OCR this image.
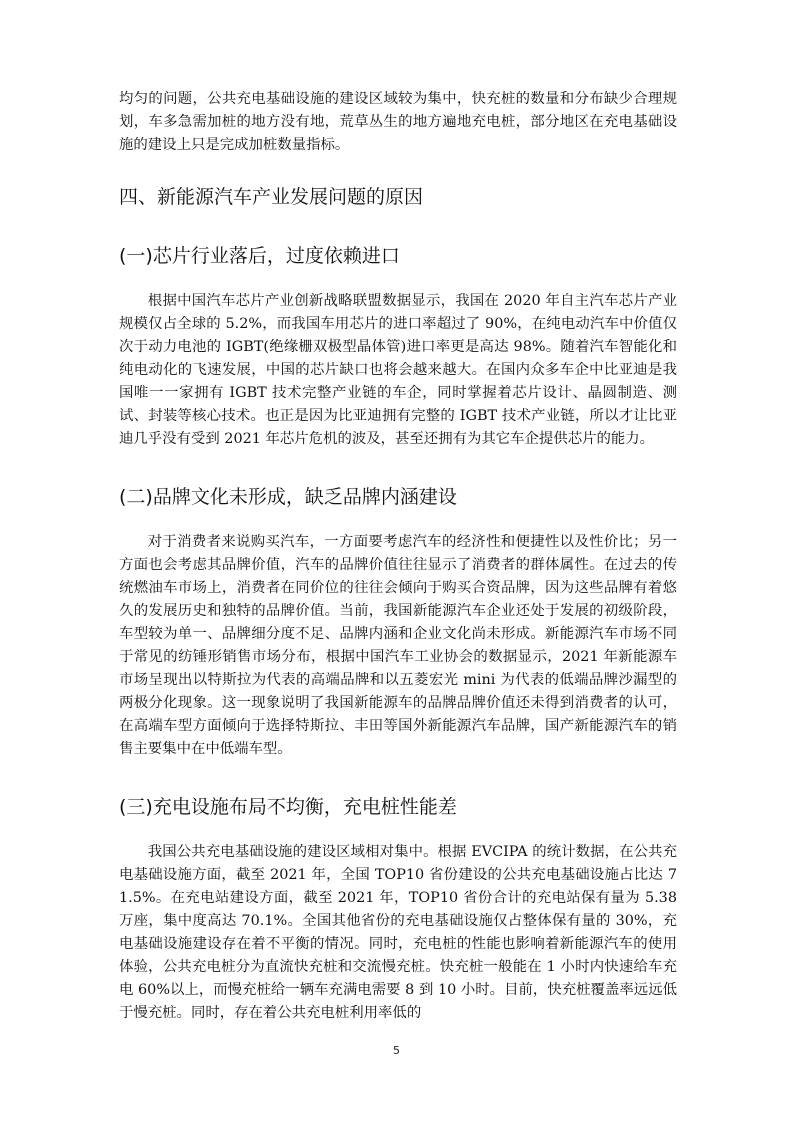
均匀的问题，公共充电基础设施的建设区域较为集中，快充桩的数量和分布缺少合理规划，车多急需加桩的地方没有地，荒草丛生的地方遍地充电桩，部分地区在充电基础设施的建设上只是完成加桩数量指标。

四、新能源汽车产业发展问题的原因
(一)芯片行业落后，过度依赖进口

根据中国汽车芯片产业创新战略联盟数据显示，我国在 2020 年自主汽车芯片产业规模仅占全球的 5.2%，而我国车用芯片的进口率超过了 90%，在纯电动汽车中价值仅次于动力电池的 IGBT(绝缘栅双极型晶体管)进口率更是高达 98%。随着汽车智能化和纯电动化的飞速发展，中国的芯片缺口也将会越来越大。在国内众多车企中比亚迪是我国唯一一家拥有 IGBT 技术完整产业链的车企，同时掌握着芯片设计、晶圆制造、测试、封装等核心技术。也正是因为比亚迪拥有完整的 IGBT 技术产业链，所以才让比亚迪几乎没有受到 2021 年芯片危机的波及，甚至还拥有为其它车企提供芯片的能力。

(二)品牌文化未形成，缺乏品牌内涵建设

对于消费者来说购买汽车，一方面要考虑汽车的经济性和便捷性以及性价比；另一方面也会考虑其品牌价值，汽车的品牌价值往往显示了消费者的群体属性。在过去的传统燃油车市场上，消费者在同价位的往往会倾向于购买合资品牌，因为这些品牌有着悠久的发展历史和独特的品牌价值。当前，我国新能源汽车企业还处于发展的初级阶段，车型较为单一、品牌细分度不足、品牌内涵和企业文化尚未形成。新能源汽车市场不同于常见的纺锤形销售市场分布，根据中国汽车工业协会的数据显示，2021 年新能源车市场呈现出以特斯拉为代表的高端品牌和以五菱宏光 mini 为代表的低端品牌沙漏型的两极分化现象。这一现象说明了我国新能源车的品牌品牌价值还未得到消费者的认可，在高端车型方面倾向于选择特斯拉、丰田等国外新能源汽车品牌，国产新能源汽车的销售主要集中在中低端车型。

(三)充电设施布局不均衡，充电桩性能差

我国公共充电基础设施的建设区域相对集中。根据 EVCIPA 的统计数据，在公共充电基础设施方面，截至 2021 年，全国 TOP10 省份建设的公共充电基础设施占比达 71.5%。在充电站建设方面，截至 2021 年，TOP10 省份合计的充电站保有量为 5.38 万座，集中度高达 70.1%。全国其他省份的充电基础设施仅占整体保有量的 30%，充电基础设施建设存在着不平衡的情况。同时，充电桩的性能也影响着新能源汽车的使用体验，公共充电桩分为直流快充桩和交流慢充桩。快充桩一般能在 1 小时内快速给车充电 60%以上，而慢充桩给一辆车充满电需要 8 到 10 小时。目前，快充桩覆盖率远远低于慢充桩。同时，存在着公共充电桩利用率低的

5
